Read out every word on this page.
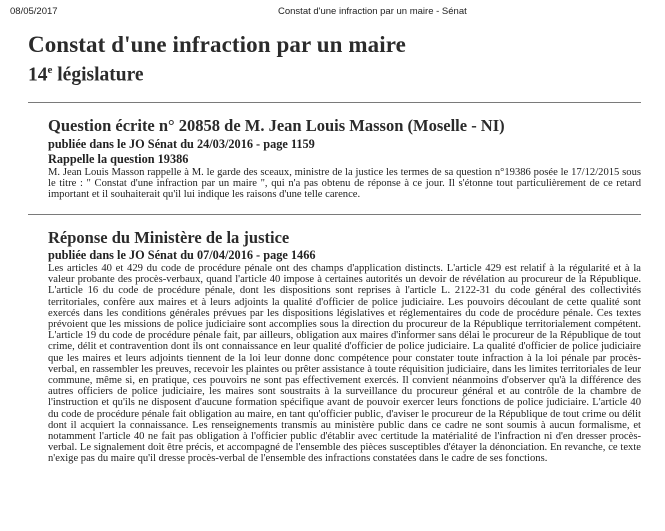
08/05/2017	Constat d'une infraction par un maire - Sénat
Constat d'une infraction par un maire
14e législature
Question écrite n° 20858 de M. Jean Louis Masson (Moselle - NI)

publiée dans le JO Sénat du 24/03/2016 - page 1159

Rappelle la question 19386

M. Jean Louis Masson rappelle à M. le garde des sceaux, ministre de la justice les termes de sa question n°19386 posée le 17/12/2015 sous le titre : " Constat d'une infraction par un maire ", qui n'a pas obtenu de réponse à ce jour. Il s'étonne tout particulièrement de ce retard important et il souhaiterait qu'il lui indique les raisons d'une telle carence.

Réponse du Ministère de la justice

publiée dans le JO Sénat du 07/04/2016 - page 1466

Les articles 40 et 429 du code de procédure pénale ont des champs d'application distincts. L'article 429 est relatif à la régularité et à la valeur probante des procès-verbaux, quand l'article 40 impose à certaines autorités un devoir de révélation au procureur de la République. L'article 16 du code de procédure pénale, dont les dispositions sont reprises à l'article L. 2122-31 du code général des collectivités territoriales, confère aux maires et à leurs adjoints la qualité d'officier de police judiciaire. Les pouvoirs découlant de cette qualité sont exercés dans les conditions générales prévues par les dispositions législatives et réglementaires du code de procédure pénale. Ces textes prévoient que les missions de police judiciaire sont accomplies sous la direction du procureur de la République territorialement compétent. L'article 19 du code de procédure pénale fait, par ailleurs, obligation aux maires d'informer sans délai le procureur de la République de tout crime, délit et contravention dont ils ont connaissance en leur qualité d'officier de police judiciaire. La qualité d'officier de police judiciaire que les maires et leurs adjoints tiennent de la loi leur donne donc compétence pour constater toute infraction à la loi pénale par procès-verbal, en rassembler les preuves, recevoir les plaintes ou prêter assistance à toute réquisition judiciaire, dans les limites territoriales de leur commune, même si, en pratique, ces pouvoirs ne sont pas effectivement exercés. Il convient néanmoins d'observer qu'à la différence des autres officiers de police judiciaire, les maires sont soustraits à la surveillance du procureur général et au contrôle de la chambre de l'instruction et qu'ils ne disposent d'aucune formation spécifique avant de pouvoir exercer leurs fonctions de police judiciaire. L'article 40 du code de procédure pénale fait obligation au maire, en tant qu'officier public, d'aviser le procureur de la République de tout crime ou délit dont il acquiert la connaissance. Les renseignements transmis au ministère public dans ce cadre ne sont soumis à aucun formalisme, et notamment l'article 40 ne fait pas obligation à l'officier public d'établir avec certitude la matérialité de l'infraction ni d'en dresser procès-verbal. Le signalement doit être précis, et accompagné de l'ensemble des pièces susceptibles d'étayer la dénonciation. En revanche, ce texte n'exige pas du maire qu'il dresse procès-verbal de l'ensemble des infractions constatées dans le cadre de ses fonctions.
